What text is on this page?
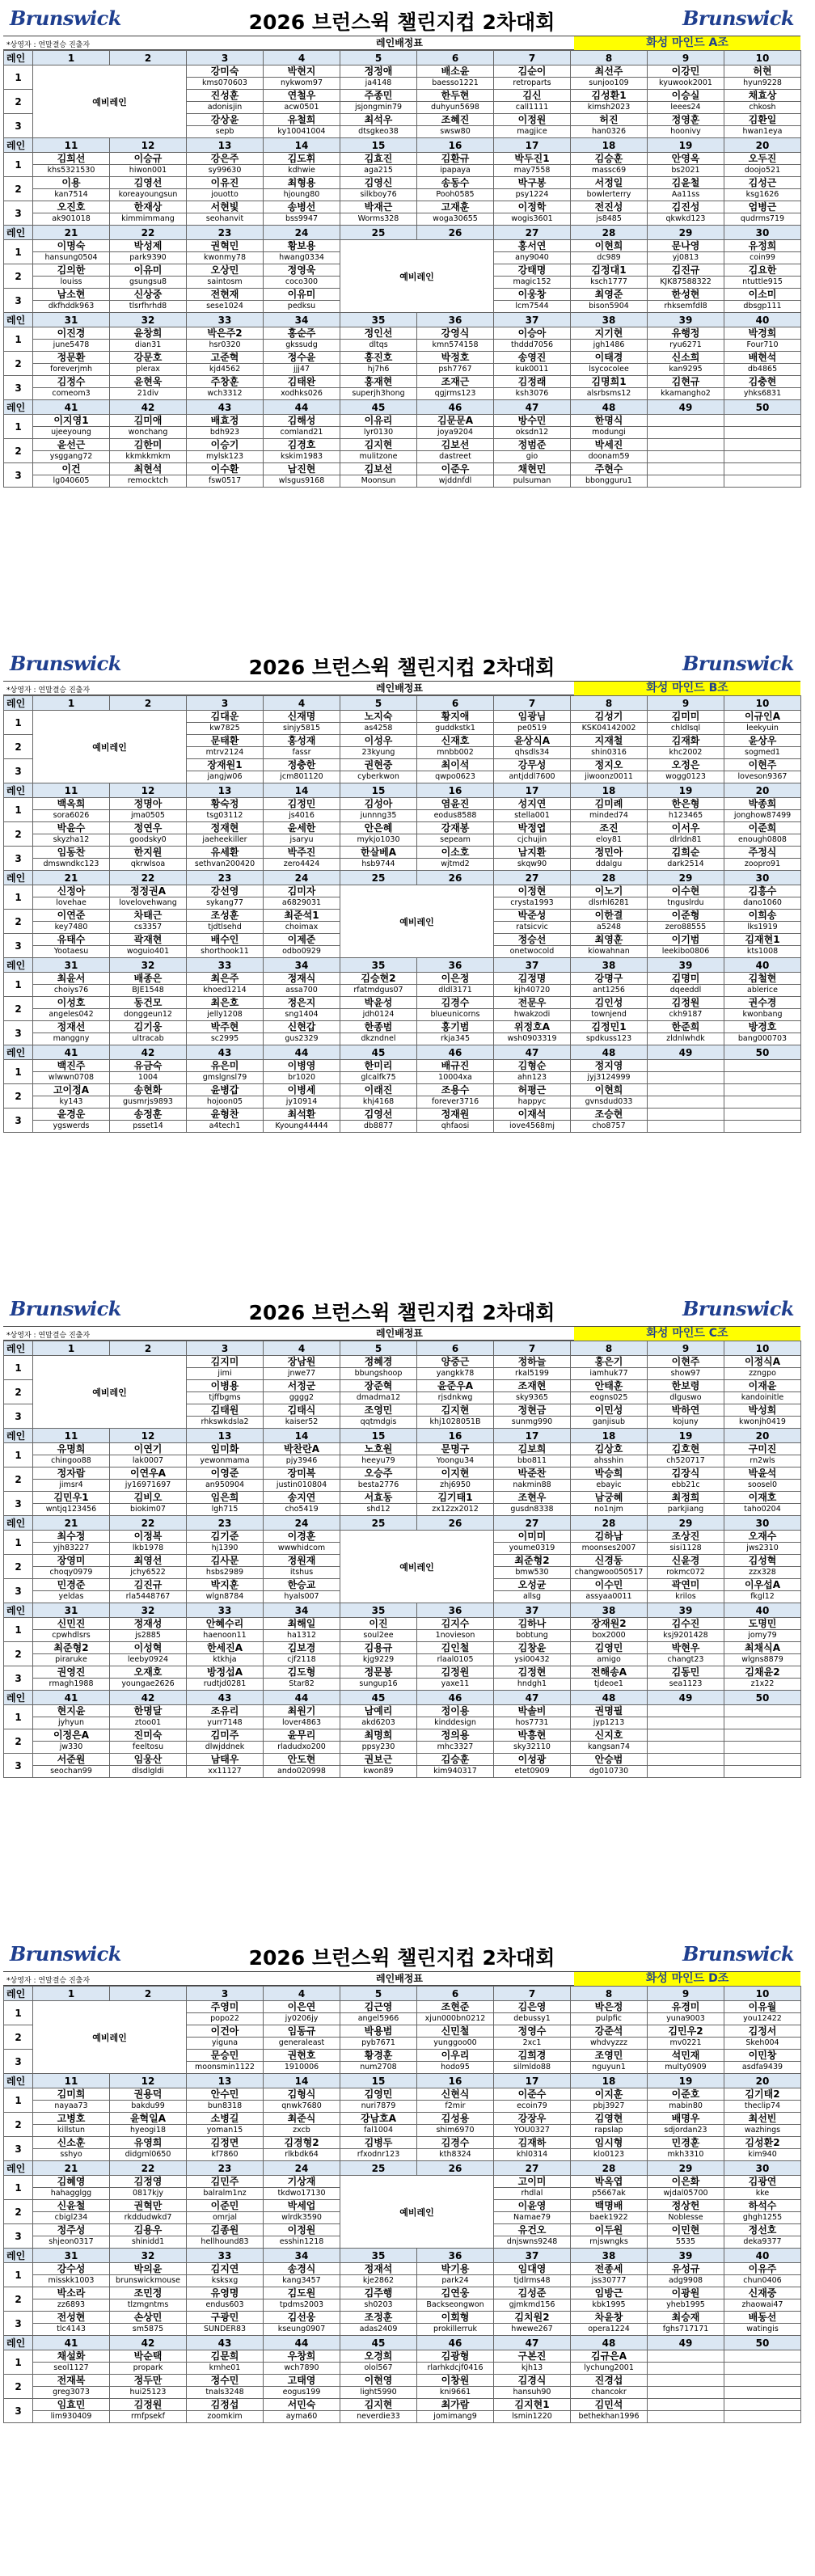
Brunswick	2026 브런스윅 챌린지컵 2차대회	Brunswick
*상영자 : 연말결승 진출자	레인배정표	화성 마인드 A조
레인	1	2	3	4	5	6	7	8	9	10
1	예비레인		강미숙	박현지	정정애	배소윤	김순이	최선주	이강민	허현
			kms070603	nykwom97	ja4148	baesso1221	retroparts	sunjoo109	kyuwook2001	hyun9228
2			진성훈	연철우	주종민	한두현	김신	김성환1	이승실	채효상
			adonisjin	acw0501	jsjongmin79	duhyun5698	call1111	kimsh2023	leees24	chkosh
3			강상윤	유철희	최석우	조혜진	이정원	허진	정영훈	김환일
			sepb	ky10041004	dtsgkeo38	swsw80	magjice	han0326	hoonivy	hwan1eya
레인	11	12	13	14	15	16	17	18	19	20
1	김희선	이승규	강은주	김도휘	김효진	김환규	박두진1	김승훈	안영옥	오두진
	khs5321530	hiwon001	sy99630	kdhwie	aga215	ipapaya	may7558	massc69	bs2021	doojo521
2	이용	김영선	이유진	최형용	김영신	송동수	박구봉	서정일	김윤철	김성근
	kan7514	koreayoungsun	jouotto	hjoung80	silkboy76	Pooh0585	psy1224	bowlerterry	Aa11ss	ksg1626
3	오진호	한재상	서현빛	송병선	박재근	고재훈	이정학	전진성	김진성	엄병근
	ak901018	kimmimmang	seohanvit	bss9947	Worms328	woga30655	wogis3601	js8485	qkwkd123	qudrms719
레인	21	22	23	24	25	26	27	28	29	30
1	이명숙	박성제	권혁민	황보용	예비레인		홍서연	이현희	문나영	유정희
	hansung0504	park9390	kwonmy78	hwang0334			any9040	dc989	yj0813	coin99
2	김의한	이유미	오상민	정영욱			강태명	김정대1	김진규	김요한
	louiss	gsungsu8	saintosm	coco300			magic152	ksch1777	KJK87588322	ntuttle915
3	남소현	신상중	전현재	이유미			이웅창	최영준	한성현	이소미
	dkfhddk963	tlsrfhrhd8	sese1024	pedksu			lcm7544	bison5904	rhksemfdl8	dbsgp111
레인	31	32	33	34	35	36	37	38	39	40
1	이진경	윤창희	박은주2	홍순주	정인선	강영식	이승아	지기현	유행정	박경희
	june5478	dian31	hsr0320	gkssudg	dltqs	kmn574158	thddd7056	jgh1486	ryu6271	Four710
2	정문환	강문호	고준혁	정수윤	홍진호	박정호	송영진	이태경	신소희	배현석
	foreverjmh	plerax	kjd4562	jjj47	hj7h6	psh7767	kuk0011	lsycocolee	kan9295	db4865
3	김정수	윤현욱	주창훈	김태완	홍재현	조재근	김정래	김명희1	김현규	김충현
	comeom3	21div	wch3312	xodhks026	superjh3hong	qgjrms123	ksh3076	alsrbsms12	kkamangho2	yhks6831
레인	41	42	43	44	45	46	47	48	49	50
1	이지영1	김미애	배효정	김해성	이유리	김문문A	방수민	한명식		
	ujeeyoung	wonchang	bdh923	comland21	lyr0130	joya9204	oksdn12	modungi		
2	윤선근	김한미	이승기	김경호	김지현	김보선	정범준	박세진		
	ysggang72	kkmkkmkm	mylsk123	kskim1983	mulitzone	dastreet	gio	doonam59		
3	이건	최현석	이수환	남진현	김보선	이준우	채현민	주현수		
	lg040605	remocktch	fsw0517	wlsgus9168	Moonsun	wjddnfdl	pulsuman	bbongguru1		
Brunswick	2026 브런스윅 챌린지컵 2차대회	Brunswick
*상영자 : 연말결승 진출자	레인배정표	화성 마인드 B조
레인	1	2	3	4	5	6	7	8	9	10
1	예비레인		김대운	신재명	노지숙	황지애	임광님	김성기	김미미	이규인A
			kw7825	sinjy5815	as4258	guddkstk1	pe0519	KSK04142002	chldlsql	leekyuin
2			문태환	홍성재	이성우	신재호	윤상식A	지재철	김재화	윤상우
			mtrv2124	fassr	23kyung	mnbb002	qhsdls34	shin0316	khc2002	sogmed1
3			장재원1	정충한	권현중	최이석	강무성	정지오	오정은	이현주
			jangjw06	jcm801120	cyberkwon	qwpo0623	antjddl7600	jiwoonz0011	wogg0123	loveson9367
레인	11	12	13	14	15	16	17	18	19	20
1	백옥희	정명아	황숙정	김정민	김성아	염윤진	성지연	김미례	한은형	박종희
	sora6026	jma0505	tsg03112	js4016	junnng35	eodus8588	stella001	minded74	h123465	jonghow87499
2	박윤수	정연우	정재현	윤세한	안은혜	강재봉	박정엽	조진	이서우	이준희
	skyzha12	goodsky0	jaeheekiller	jsaryu	mykjo1030	sepeam	cjchujin	eloy81	dlrldn81	enough0808
3	임동찬	한지원	유세환	박주진	한살베A	이소호	남지환	정민아	김희순	주정식
	dmswndkc123	qkrwlsoa	sethvan200420	zero4424	hsb9744	wjtmd2	skqw90	ddalgu	dark2514	zoopro91
레인	21	22	23	24	25	26	27	28	29	30
1	신정아	정정권A	강선영	김미자	예비레인		이정현	이노기	이수현	김흥수
	lovehae	lovelovehwang	sykang77	a6829031			crysta1993	dlsrhl6281	tnguslrdu	dano1060
2	이연준	차태근	조성훈	최준석1			박준성	이한결	이준형	이희송
	key7480	cs3357	tjdtlsehd	choimax			ratsicvic	a5248	zero88555	lks1919
3	유태수	곽재현	배수인	이제준			정승선	최영훈	이기범	김재현1
	Yootaesu	woguio401	shorthook11	odbo0929			onetwocold	kiowahnan	leekibo0806	kts1008
레인	31	32	33	34	35	36	37	38	39	40
1	최윤서	배종은	최은주	정재식	김승현2	이은정	김정명	강명구	김명미	김철현
	choiys76	BJE1548	khoed1214	assa700	rfatmdgus07	dldl3171	kjh40720	ant1256	dqeeddl	ablerice
2	이성호	동건모	최은호	정은지	박윤성	김경수	전문우	김인성	김정원	권수경
	angeles042	donggeun12	jelly1208	sng1404	jdh0124	blueunicorns	hwakzodi	townjend	ckh9187	kwonbang
3	정재선	김기웅	박주현	신현갑	한종범	홍기범	위정호A	김정민1	한준희	방경호
	manggny	ultracab	sc2995	gus2329	dkzndnel	rkja345	wsh0903319	spdkuss123	zldnlwhdk	bang000703
레인	41	42	43	44	45	46	47	48	49	50
1	백진주	유금숙	유은미	이병영	한미리	배규진	김형순	정지영		
	wlwwn0708	1004	gmslgnsl79	br1020	glcalfk75	10004xa	ahn123	jyj3124999		
2	고이정A	송현화	윤병갑	이병세	이래진	조용수	허평근	이현희		
	ky143	gusmrjs9893	hojoon05	jy10914	khj4168	forever3716	happyc	gvnsdud033		
3	윤경운	송정훈	윤형찬	최석환	김영선	정재원	이재석	조승현		
	ygswerds	psset14	a4tech1	Kyoung44444	db8877	qhfaosi	iove4568mj	cho8757		
Brunswick	2026 브런스윅 챌린지컵 2차대회	Brunswick
*상영자 : 연말결승 진출자	레인배정표	화성 마인드 C조
레인	1	2	3	4	5	6	7	8	9	10
1	예비레인		김지미	장남원	정혜경	양중근	정하늘	홍은기	이현주	이정식A
			jimi	jnwe77	bbungshoop	yangkk78	rkal5199	iamhuk77	show97	zzngpo
2			이병용	서정군	장준혁	윤준우A	조재현	안태훈	한보령	이재윤
			tjffbgms	gggg2	dmadma12	rjsdnkwg	sky9365	eogns025	dlguswo	kandoinitle
3			김태원	김태식	조영민	김지현	정현금	이민성	박하연	박성희
			rhkswkdsla2	kaiser52	qqtmdgis	khj1028051B	sunmg990	ganjisub	kojuny	kwonjh0419
레인	11	12	13	14	15	16	17	18	19	20
1	유명희	이연기	임미화	박찬란A	노호원	문명구	김보희	김상호	김호현	구미진
	chingoo88	lak0007	yewonmama	pjy3946	heeyu79	Yoongu34	bbo811	ahsshin	ch520717	rn2wls
2	정자람	이연우A	이영준	장미복	오승주	이지현	박준찬	박승희	김장식	박윤석
	jimsr4	jy16971697	an950904	justin010804	besta2776	zhj6950	nakmin88	ebayic	ebb21c	soosel0
3	김민우1	김비오	임은희	송지연	서효동	김기태1	조현우	남궁혜	최정희	이재호
	wntjq123456	biokim07	lgh715	cho5419	shd12	zx12zx2012	gusdn8338	no1njm	parkjiang	taho0204
레인	21	22	23	24	25	26	27	28	29	30
1	최수정	이정복	김기준	이경훈	예비레인		이미미	김하남	조상진	오재수
	yjh83227	lkb1978	hj1390	wwwhidcom			youme0319	moonses2007	sisi1128	jws2310
2	장영미	최영선	김사문	정원재			최준형2	신경동	신윤경	김성혁
	choqy0979	jchy6522	hsbs2989	itshus			bmw530	changwoo050517	rokmc072	zzx328
3	민경준	김진규	박지훈	한승교			오성균	이수민	곽연미	이우섭A
	yeldas	rla5448767	wlgn8784	hyals007			allsg	assyaa0011	krilos	fkgl12
레인	31	32	33	34	35	36	37	38	39	40
1	신민진	정재성	안혜수리	최해일	이진	김지수	김하나	장재원2	김수진	도명민
	cpwhdlsrs	js2885	haenoon11	ha1312	soul2ee	1novieson	bobtung	box2000	ksj9201428	jomy79
2	최준형2	이성혁	한세진A	김보경	김용규	김인철	김창윤	김영민	박현우	최채식A
	pirarukе	leeby0924	ktkhja	cjf2118	kjg9229	rlaal0105	ysi00432	amigo	changt23	wlgns8879
3	권영진	오재호	방정섭A	김도형	정문봉	김정원	김정현	전해송A	김동민	김채윤2
	rmagh1988	youngaе2626	rudtjd0281	Star82	sungup16	yaxe11	hndgh1	tjdeoe1	sea1123	z1x22
레인	41	42	43	44	45	46	47	48	49	50
1	현지윤	한명달	조유리	최원기	남예리	정이용	박솔비	권명필		
	jyhyun	ztoo01	yurr7148	lover4863	akd6203	kinddesign	hos7731	jyp1213		
2	이정은A	진미숙	김미주	윤무리	최명희	정의용	박흥현	신지호		
	jw330	feeltosu	dlwjddnek	rladudxo200	ppsy230	mhc3327	sky32110	kangsan74		
3	서준원	임웅산	남태우	안도현	권보근	김승훈	이성광	안승범		
	seochan99	dlsdlgldi	xx11127	ando020998	kwon89	kim940317	etet0909	dg010730		
Brunswick	2026 브런스윅 챌린지컵 2차대회	Brunswick
*상영자 : 연말결승 진출자	레인배정표	화성 마인드 D조
레인	1	2	3	4	5	6	7	8	9	10
1	예비레인		주영미	이은연	김근영	조현준	김은영	박은정	유경미	이유월
			popo22	jy0206jy	angel5966	xjun000bn0212	debussy1	pulpfic	yuna9003	you12422
2			이건아	임동규	박용범	신민철	정영수	강준석	김민우2	김정서
			yiguna	generaleast	pyb7671	yunggoo00	2xc1	whdvyzzz	mv0221	Skeh004
3			문승민	권현호	황경훈	이우리	김희경	조영민	석민재	이민창
			moonsmin1122	1910006	num2708	hodo95	silmldo88	nguyun1	multy0909	asdfa9439
레인	11	12	13	14	15	16	17	18	19	20
1	김미희	권용덕	안수민	김형식	김영민	신현식	이준수	이지훈	이준호	김기태2
	nayaa73	bakdu99	bun8318	qnwk7680	nuri7879	f2mir	ecoin79	pbj3927	mabin80	theclip74
2	고병호	윤혁일A	소병길	최준식	강남호A	김성용	강장우	김영현	배명우	최선빈
	killstun	hyeogi18	yoman15	zxcb	fal1004	shim6970	YOU0327	rapslap	sdjordan23	wazhings
3	신소훈	유영희	김정면	김경형2	김병두	김경수	김재하	임시형	민경훈	김성환2
	sshyo	didgml0650	kf7860	rlkbdk64	rfxodnr123	kth8324	khl0314	klo0123	mkh3310	kim940
레인	21	22	23	24	25	26	27	28	29	30
1	김혜영	김정영	김민주	기상재	예비레인		고이미	박옥엽	이은화	김광연
	hahagglgg	0817kjy	balralm1nz	tkdwo17130			rhdlal	p5667ak	wjdal05700	kke
2	신윤철	권혁만	이준민	박세업			이윤영	백명배	정상헌	하석수
	cbigl234	rkddudwkd7	omrjal	wlrdk3590			Namae79	baek1922	Noblesse	ghgh1255
3	정주성	김용우	김종원	이정원			유건오	이두원	이민현	정선호
	shjeon0317	shinidd1	hellhound83	esshin1218			dnjswns9248	rnjswngks	5535	deka9377
레인	31	32	33	34	35	36	37	38	39	40
1	강수성	박의윤	김지연	송경식	정재석	박기용	임대영	전종세	유성규	이유주
	misskk1003	brunswickmouse	ksksxg	kang3457	kje2862	park24	tjdlrms48	jss30777	adg9908	chun0406
2	박소라	조민정	유영명	김도원	김주행	김연웅	김성준	임방근	이광원	신재중
	zz6893	tlzmgntms	endus603	tpdms2003	sh0203	Backseongwon	gjmkmd156	kbk1995	yheb1995	zhaowai47
3	전성현	손상민	구광민	김선웅	조정훈	이회형	김치원2	차윤창	최승재	배동선
	tlc4143	sm5875	SUNDER83	kseung0907	adas2409	prokillerruk	hwewe267	opera1224	fghs717171	watingis
레인	41	42	43	44	45	46	47	48	49	50
1	채설화	박순택	김문희	우창희	오경희	김광형	구본진	김규은A		
	seol1127	propark	kmhe01	wch7890	olol567	rlarhkdcjf0416	kjh13	lychung2001		
2	전재복	정두만	정수민	고태영	이현영	이창원	김경식	진경섭		
	greg3073	hui25123	tnals3248	eogus199	light5990	kni9661	hansuh90	chancokr		
3	임효민	김정원	김정섭	서민숙	김지현	최가람	김지현1	김민석		
	lim930409	rmfpsekf	zoomkim	ayma60	neverdie33	jomimang9	lsmin1220	bethekhan1996		
